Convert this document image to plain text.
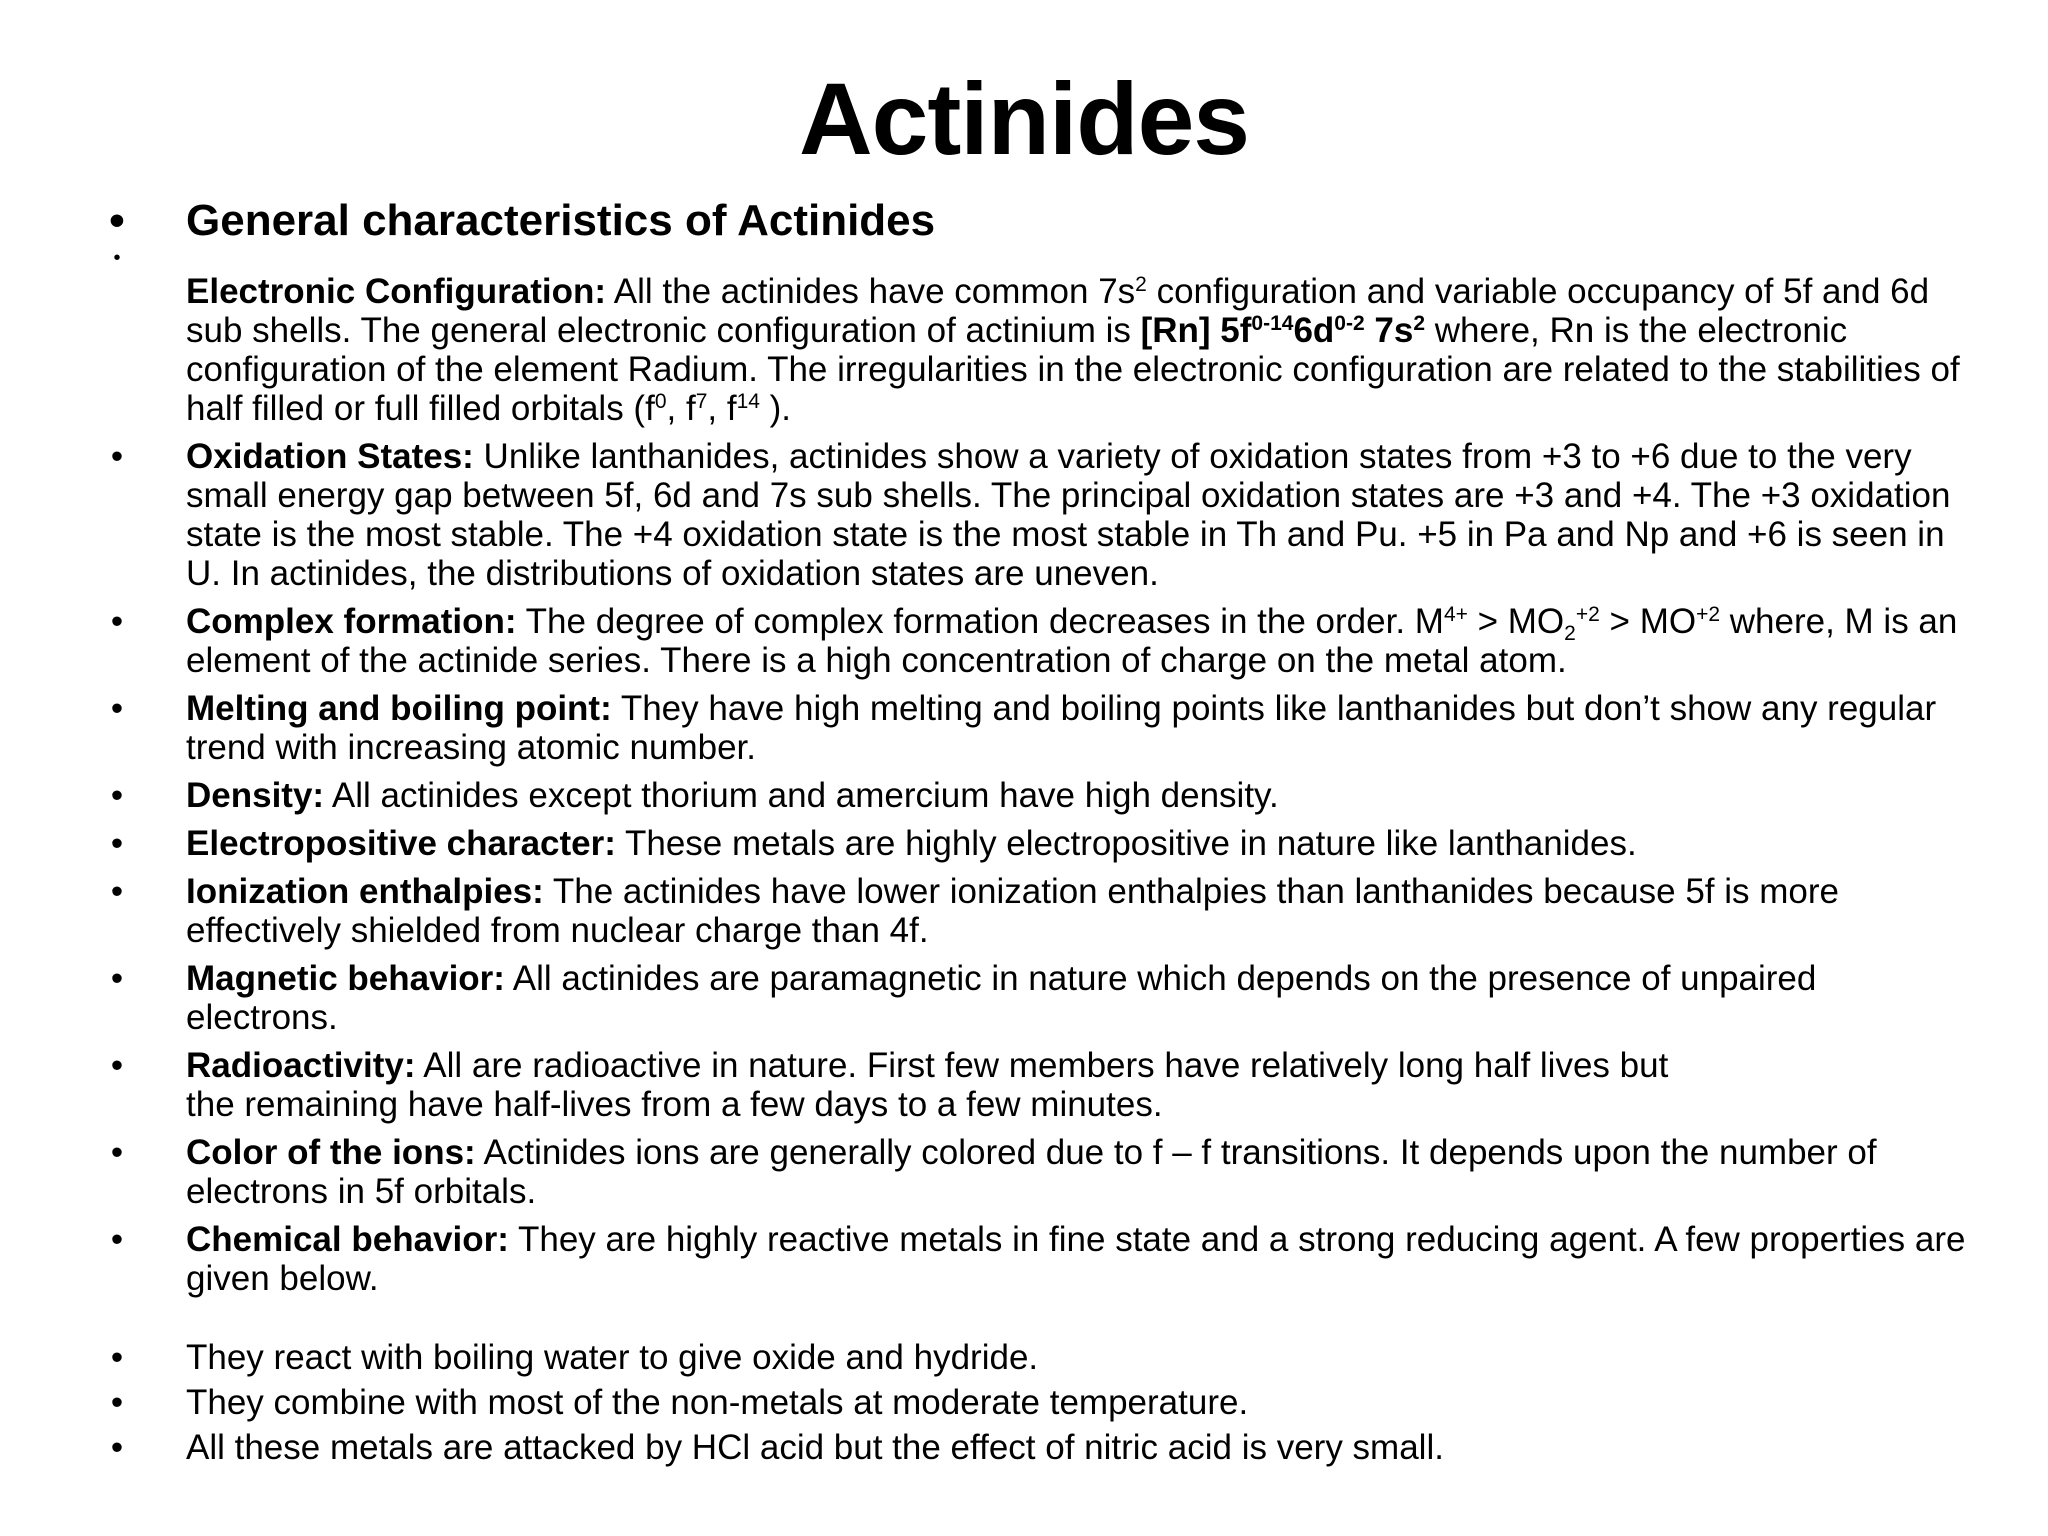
Actinides
• General characteristics of Actinides
•
Electronic Configuration: All the actinides have common $7s^2$ configuration and variable occupancy of 5f and 6d sub shells. The general electronic configuration of actinium is [Rn] $5f^{0-14}6d^{0-2}$ $7s^2$ where, Rn is the electronic configuration of the element Radium. The irregularities in the electronic configuration are related to the stabilities of half filled or full filled orbitals ($f^0$, $f^7$, $f^{14}$ ).
• Oxidation States: Unlike lanthanides, actinides show a variety of oxidation states from +3 to +6 due to the very small energy gap between 5f, 6d and 7s sub shells. The principal oxidation states are +3 and +4. The +3 oxidation state is the most stable. The +4 oxidation state is the most stable in Th and Pu. +5 in Pa and Np and +6 is seen in U. In actinides, the distributions of oxidation states are uneven.
• Complex formation: The degree of complex formation decreases in the order. $M^{4+} > MO_2^{+2} > MO^{+2}$ where, M is an element of the actinide series. There is a high concentration of charge on the metal atom.
• Melting and boiling point: They have high melting and boiling points like lanthanides but don’t show any regular trend with increasing atomic number.
• Density: All actinides except thorium and amercium have high density.
• Electropositive character: These metals are highly electropositive in nature like lanthanides.
• Ionization enthalpies: The actinides have lower ionization enthalpies than lanthanides because 5f is more effectively shielded from nuclear charge than 4f.
• Magnetic behavior: All actinides are paramagnetic in nature which depends on the presence of unpaired electrons.
• Radioactivity: All are radioactive in nature. First few members have relatively long half lives but
the remaining have half-lives from a few days to a few minutes.
• Color of the ions: Actinides ions are generally colored due to f – f transitions. It depends upon the number of electrons in 5f orbitals.
• Chemical behavior: They are highly reactive metals in fine state and a strong reducing agent. A few properties are given below.
• They react with boiling water to give oxide and hydride.
• They combine with most of the non-metals at moderate temperature.
• All these metals are attacked by HCl acid but the effect of nitric acid is very small.
